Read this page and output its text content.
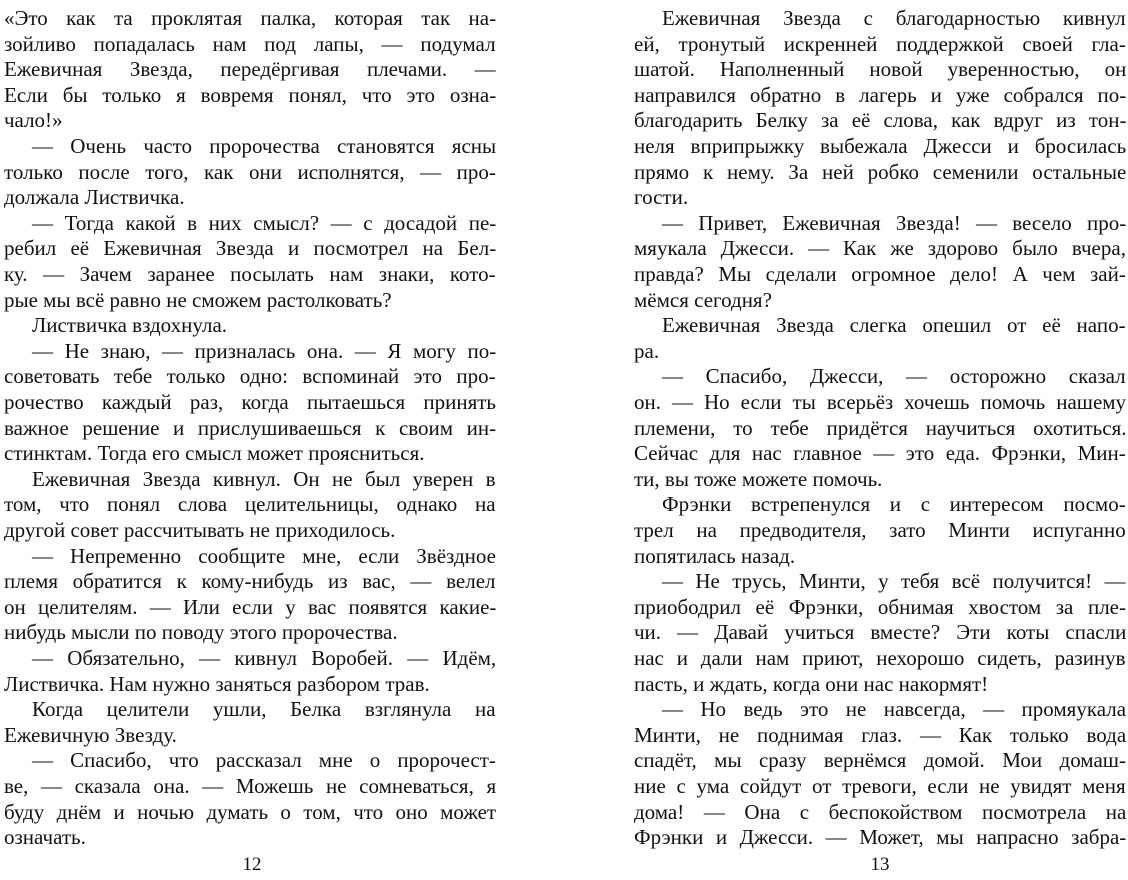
«Это как та проклятая палка, которая так на-
зойливо попадалась нам под лапы, — подумал
Ежевичная Звезда, передёргивая плечами. —
Если бы только я вовремя понял, что это озна-
чало!»
— Очень часто пророчества становятся ясны
только после того, как они исполнятся, — про-
должала Листвичка.
— Тогда какой в них смысл? — с досадой пе-
ребил её Ежевичная Звезда и посмотрел на Бел-
ку. — Зачем заранее посылать нам знаки, кото-
рые мы всё равно не сможем растолковать?
Листвичка вздохнула.
— Не знаю, — призналась она. — Я могу по-
советовать тебе только одно: вспоминай это про-
рочество каждый раз, когда пытаешься принять
важное решение и прислушиваешься к своим ин-
стинктам. Тогда его смысл может проясниться.
Ежевичная Звезда кивнул. Он не был уверен в
том, что понял слова целительницы, однако на
другой совет рассчитывать не приходилось.
— Непременно сообщите мне, если Звёздное
племя обратится к кому-нибудь из вас, — велел
он целителям. — Или если у вас появятся какие-
нибудь мысли по поводу этого пророчества.
— Обязательно, — кивнул Воробей. — Идём,
Листвичка. Нам нужно заняться разбором трав.
Когда целители ушли, Белка взглянула на
Ежевичную Звезду.
— Спасибо, что рассказал мне о пророчест-
ве, — сказала она. — Можешь не сомневаться, я
буду днём и ночью думать о том, что оно может
означать.
12
Ежевичная Звезда с благодарностью кивнул
ей, тронутый искренней поддержкой своей гла-
шатой. Наполненный новой уверенностью, он
направился обратно в лагерь и уже собрался по-
благодарить Белку за её слова, как вдруг из тон-
неля вприпрыжку выбежала Джесси и бросилась
прямо к нему. За ней робко семенили остальные
гости.
— Привет, Ежевичная Звезда! — весело про-
мяукала Джесси. — Как же здорово было вчера,
правда? Мы сделали огромное дело! А чем зай-
мёмся сегодня?
Ежевичная Звезда слегка опешил от её напо-
ра.
— Спасибо, Джесси, — осторожно сказал
он. — Но если ты всерьёз хочешь помочь нашему
племени, то тебе придётся научиться охотиться.
Сейчас для нас главное — это еда. Фрэнки, Мин-
ти, вы тоже можете помочь.
Фрэнки встрепенулся и с интересом посмо-
трел на предводителя, зато Минти испуганно
попятилась назад.
— Не трусь, Минти, у тебя всё получится! —
приободрил её Фрэнки, обнимая хвостом за пле-
чи. — Давай учиться вместе? Эти коты спасли
нас и дали нам приют, нехорошо сидеть, разинув
пасть, и ждать, когда они нас накормят!
— Но ведь это не навсегда, — промяукала
Минти, не поднимая глаз. — Как только вода
спадёт, мы сразу вернёмся домой. Мои домаш-
ние с ума сойдут от тревоги, если не увидят меня
дома! — Она с беспокойством посмотрела на
Фрэнки и Джесси. — Может, мы напрасно забра-
13
